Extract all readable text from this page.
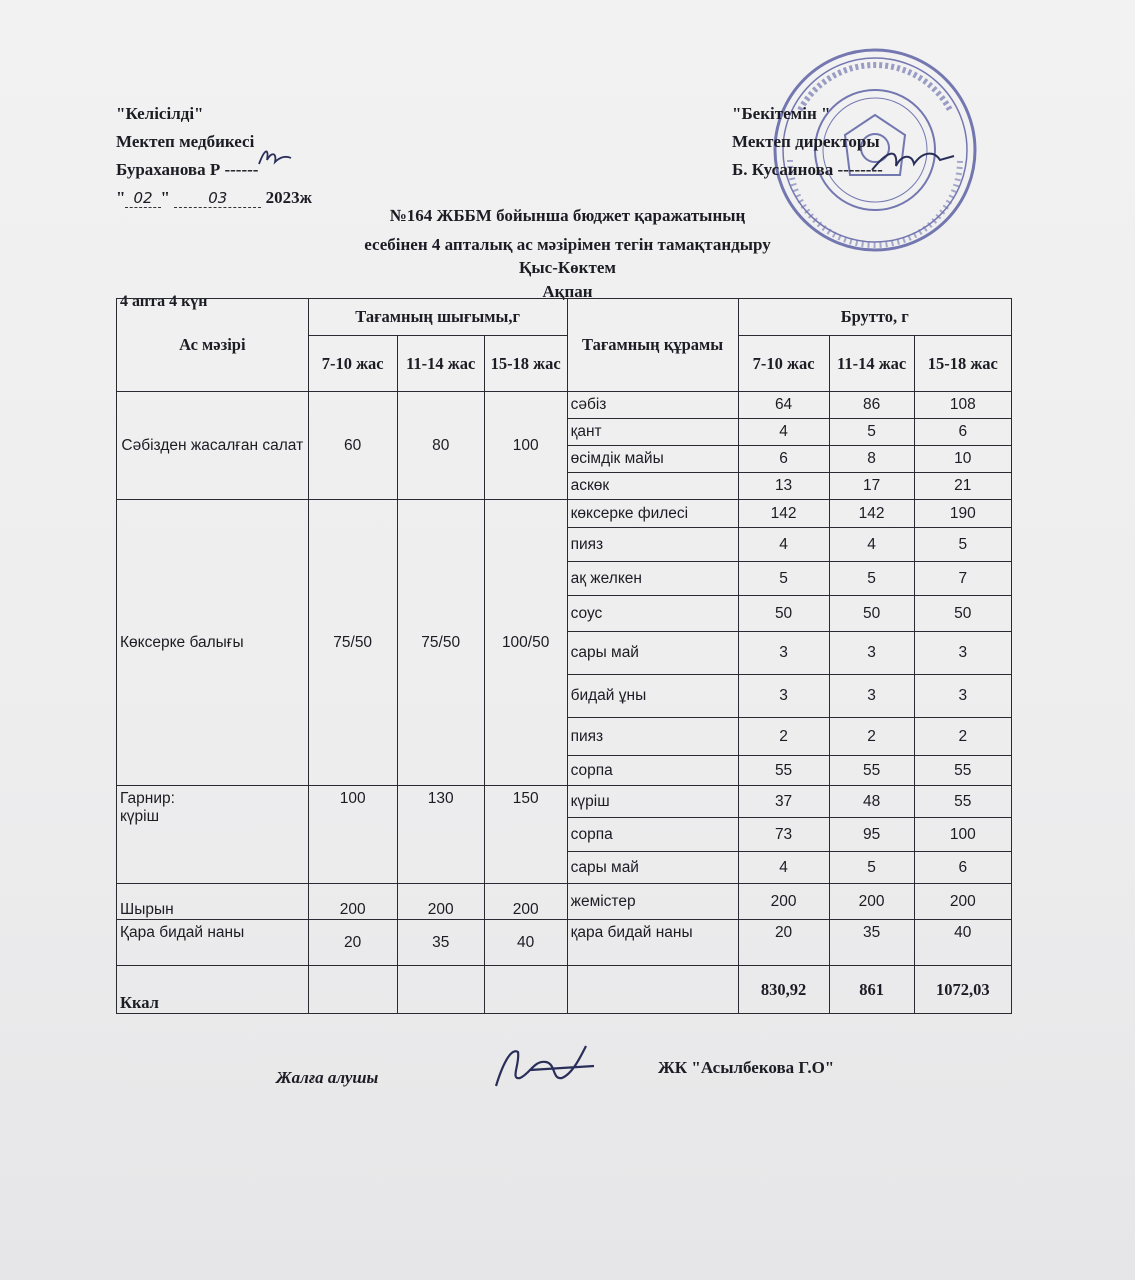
"Келісілді"
Мектеп медбикесі
Бураханова Р ------
" 02 " 03 2023ж
"Бекітемін "
Мектеп директоры
Б. Кусаинова --------
№164 ЖББМ бойынша бюджет қаражатының
есебінен 4 апталық ас мәзірімен тегін тамақтандыру
Қыс-Көктем
Ақпан
4 апта 4 күн
Ас мәзірі	Тағамның шығымы,г			Тағамның құрамы	Брутто, г		
	7-10 жас	11-14 жас	15-18 жас		7-10 жас	11-14 жас	15-18 жас
Сәбізден жасалған салат	60	80	100	сәбіз	64	86	108
				қант	4	5	6
				өсімдік майы	6	8	10
				аскөк	13	17	21
Көксерке балығы	75/50	75/50	100/50	көксерке филесі	142	142	190
				пияз	4	4	5
				ақ желкен	5	5	7
				соус	50	50	50
				сары май	3	3	3
				бидай ұны	3	3	3
				пияз	2	2	2
				сорпа	55	55	55

Гарнир:
күріш	100	130	150	күріш	37	48	55
				сорпа	73	95	100
				сары май	4	5	6
Шырын	200	200	200	жемістер	200	200	200
Қара бидай наны	20	35	40	қара бидай наны	20	35	40
Ккал					830,92	861	1072,03
Жалға алушы
ЖК "Асылбекова Г.О"
